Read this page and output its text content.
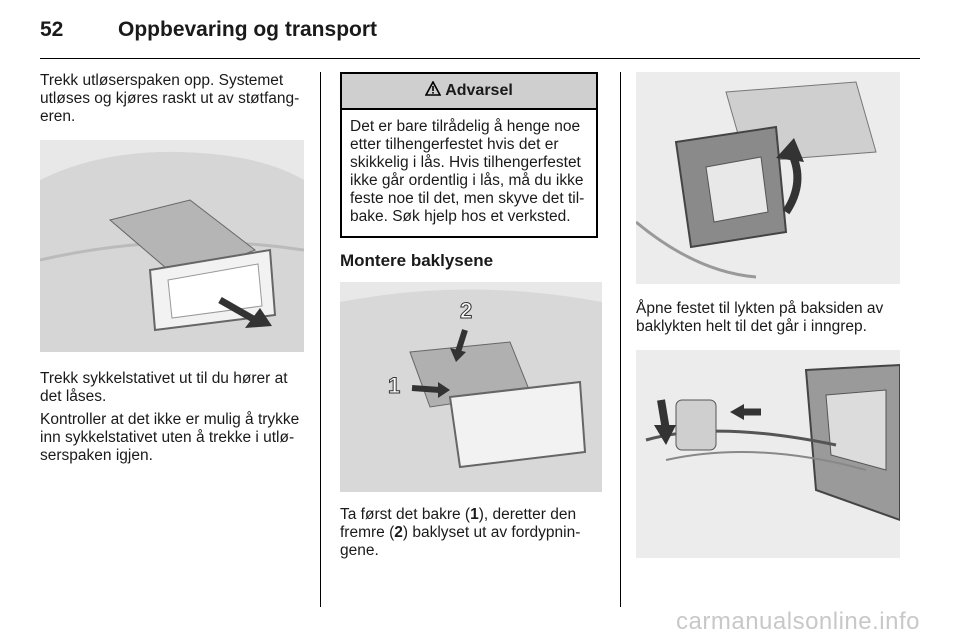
52	Oppbevaring og transport

Trekk utløserspaken opp. Systemet utløses og kjøres raskt ut av støtfangeren.

Trekk sykkelstativet ut til du hører at det låses.

Kontroller at det ikke er mulig å trykke inn sykkelstativet uten å trekke i utløserspaken igjen.

Advarsel
Det er bare tilrådelig å henge noe etter tilhengerfestet hvis det er skikkelig i lås. Hvis tilhengerfestet ikke går ordentlig i lås, må du ikke feste noe til det, men skyve det tilbake. Søk hjelp hos et verksted.
Montere baklysene
1
2

Ta først det bakre (1), deretter den fremre (2) baklyset ut av fordypningene.

Åpne festet til lykten på baksiden av baklykten helt til det går i inngrep.

carmanualsonline.info
